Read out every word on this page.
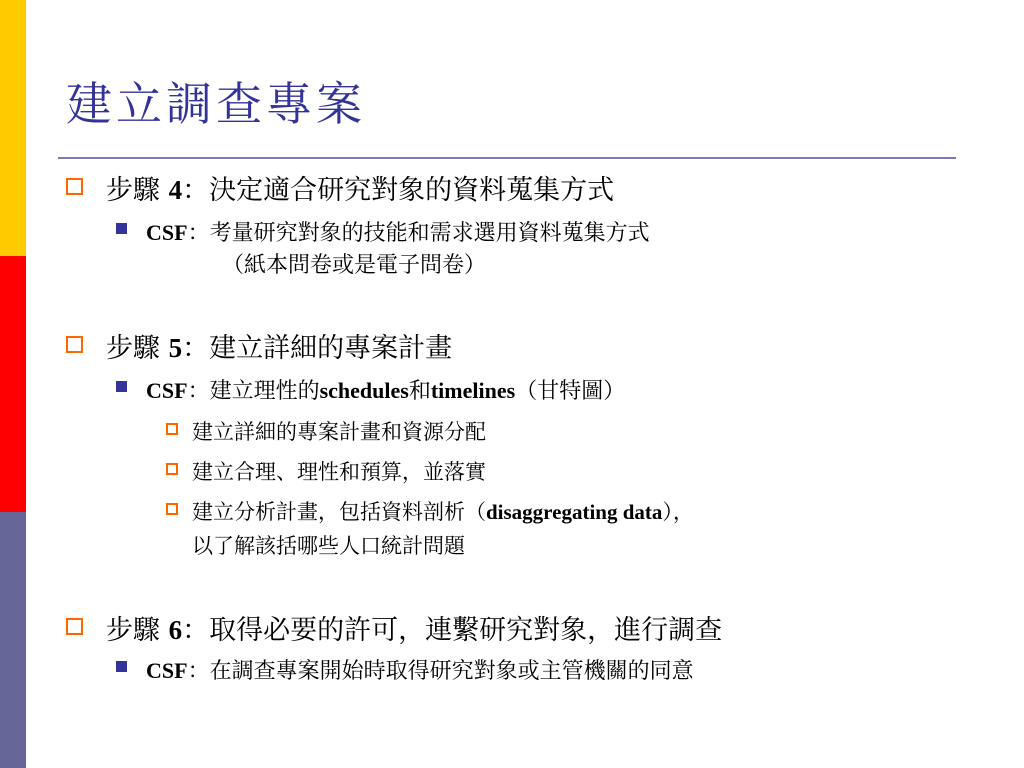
建立調查專案
步驟 4：決定適合研究對象的資料蒐集方式
CSF：考量研究對象的技能和需求選用資料蒐集方式
（紙本問卷或是電子問卷）
步驟 5：建立詳細的專案計畫
CSF：建立理性的schedules和timelines（甘特圖）
建立詳細的專案計畫和資源分配
建立合理、理性和預算，並落實
建立分析計畫，包括資料剖析（disaggregating data），
以了解該括哪些人口統計問題
步驟 6：取得必要的許可，連繫研究對象，進行調查
CSF：在調查專案開始時取得研究對象或主管機關的同意
